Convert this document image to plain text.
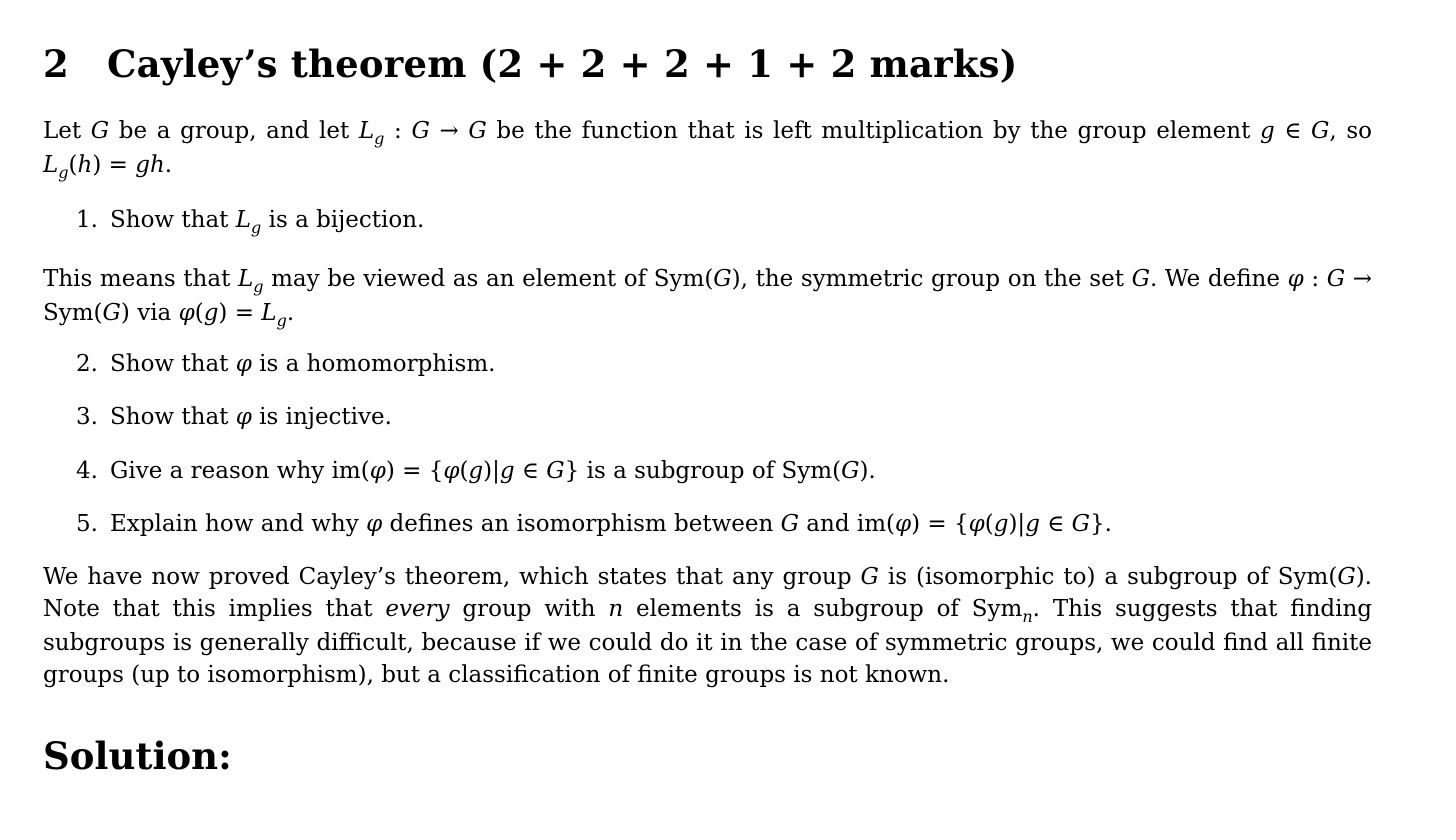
2 Cayley’s theorem (2 + 2 + 2 + 1 + 2 marks)

Let G be a group, and let $L_g$ : G → G be the function that is left multiplication by the group element g ∈ G, so $L_g(h)$ = gh.

1. Show that $L_g$ is a bijection.

This means that $L_g$ may be viewed as an element of Sym(G), the symmetric group on the set G. We define φ : G → Sym(G) via $\varphi(g) = L_g$.

2. Show that φ is a homomorphism.

3. Show that φ is injective.

4. Give a reason why im(φ) = {φ(g)|g ∈ G} is a subgroup of Sym(G).

5. Explain how and why φ defines an isomorphism between G and im(φ) = {φ(g)|g ∈ G}.

We have now proved Cayley’s theorem, which states that any group G is (isomorphic to) a subgroup of Sym(G). Note that this implies that every group with n elements is a subgroup of Sym$_n$. This suggests that finding subgroups is generally difficult, because if we could do it in the case of symmetric groups, we could find all finite groups (up to isomorphism), but a classification of finite groups is not known.

Solution:
